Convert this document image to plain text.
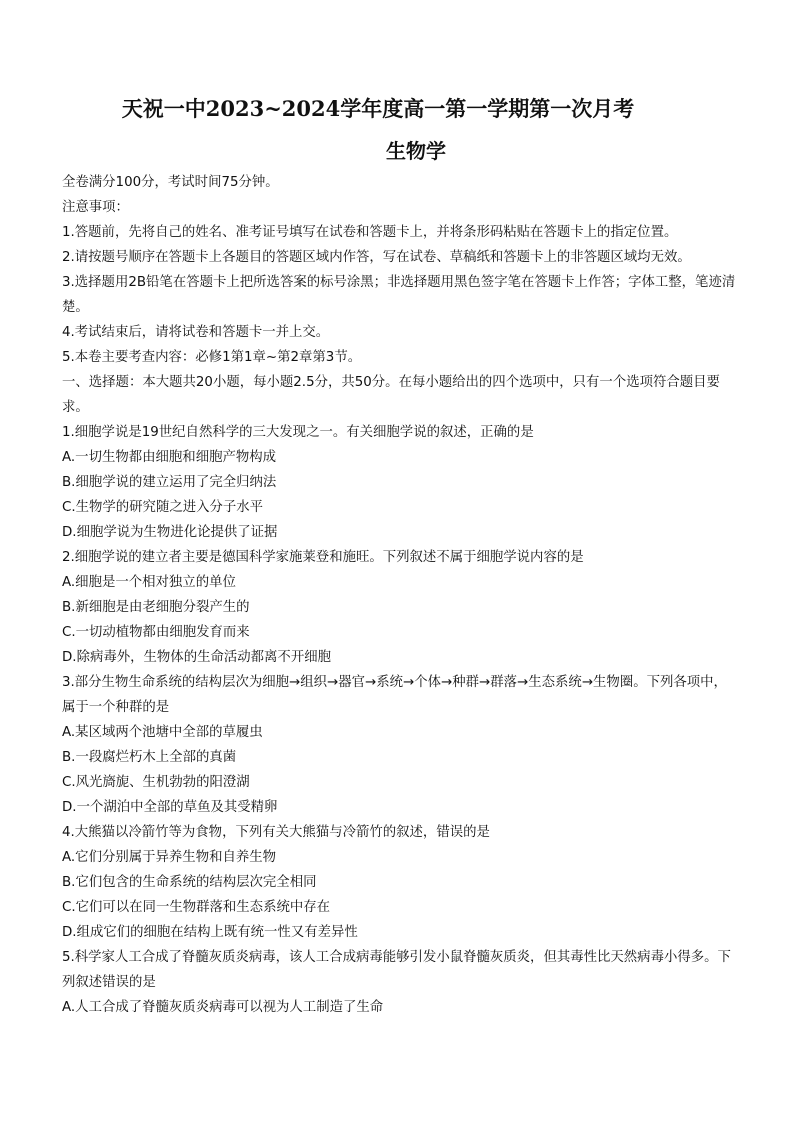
天祝一中2023~2024学年度高一第一学期第一次月考
生物学

全卷满分100分，考试时间75分钟。

注意事项：

1.答题前，先将自己的姓名、准考证号填写在试卷和答题卡上，并将条形码粘贴在答题卡上的指定位置。

2.请按题号顺序在答题卡上各题目的答题区域内作答，写在试卷、草稿纸和答题卡上的非答题区域均无效。

3.选择题用2B铅笔在答题卡上把所选答案的标号涂黑；非选择题用黑色签字笔在答题卡上作答；字体工整，笔迹清楚。

4.考试结束后，请将试卷和答题卡一并上交。

5.本卷主要考查内容：必修1第1章~第2章第3节。

一、选择题：本大题共20小题，每小题2.5分，共50分。在每小题给出的四个选项中，只有一个选项符合题目要求。

1.细胞学说是19世纪自然科学的三大发现之一。有关细胞学说的叙述，正确的是

A.一切生物都由细胞和细胞产物构成

B.细胞学说的建立运用了完全归纳法

C.生物学的研究随之进入分子水平

D.细胞学说为生物进化论提供了证据

2.细胞学说的建立者主要是德国科学家施莱登和施旺。下列叙述不属于细胞学说内容的是

A.细胞是一个相对独立的单位

B.新细胞是由老细胞分裂产生的

C.一切动植物都由细胞发育而来

D.除病毒外，生物体的生命活动都离不开细胞

3.部分生物生命系统的结构层次为细胞→组织→器官→系统→个体→种群→群落→生态系统→生物圈。下列各项中，属于一个种群的是

A.某区域两个池塘中全部的草履虫

B.一段腐烂朽木上全部的真菌

C.风光旖旎、生机勃勃的阳澄湖

D.一个湖泊中全部的草鱼及其受精卵

4.大熊猫以冷箭竹等为食物，下列有关大熊猫与冷箭竹的叙述，错误的是

A.它们分别属于异养生物和自养生物

B.它们包含的生命系统的结构层次完全相同

C.它们可以在同一生物群落和生态系统中存在

D.组成它们的细胞在结构上既有统一性又有差异性

5.科学家人工合成了脊髓灰质炎病毒，该人工合成病毒能够引发小鼠脊髓灰质炎，但其毒性比天然病毒小得多。下列叙述错误的是

A.人工合成了脊髓灰质炎病毒可以视为人工制造了生命
